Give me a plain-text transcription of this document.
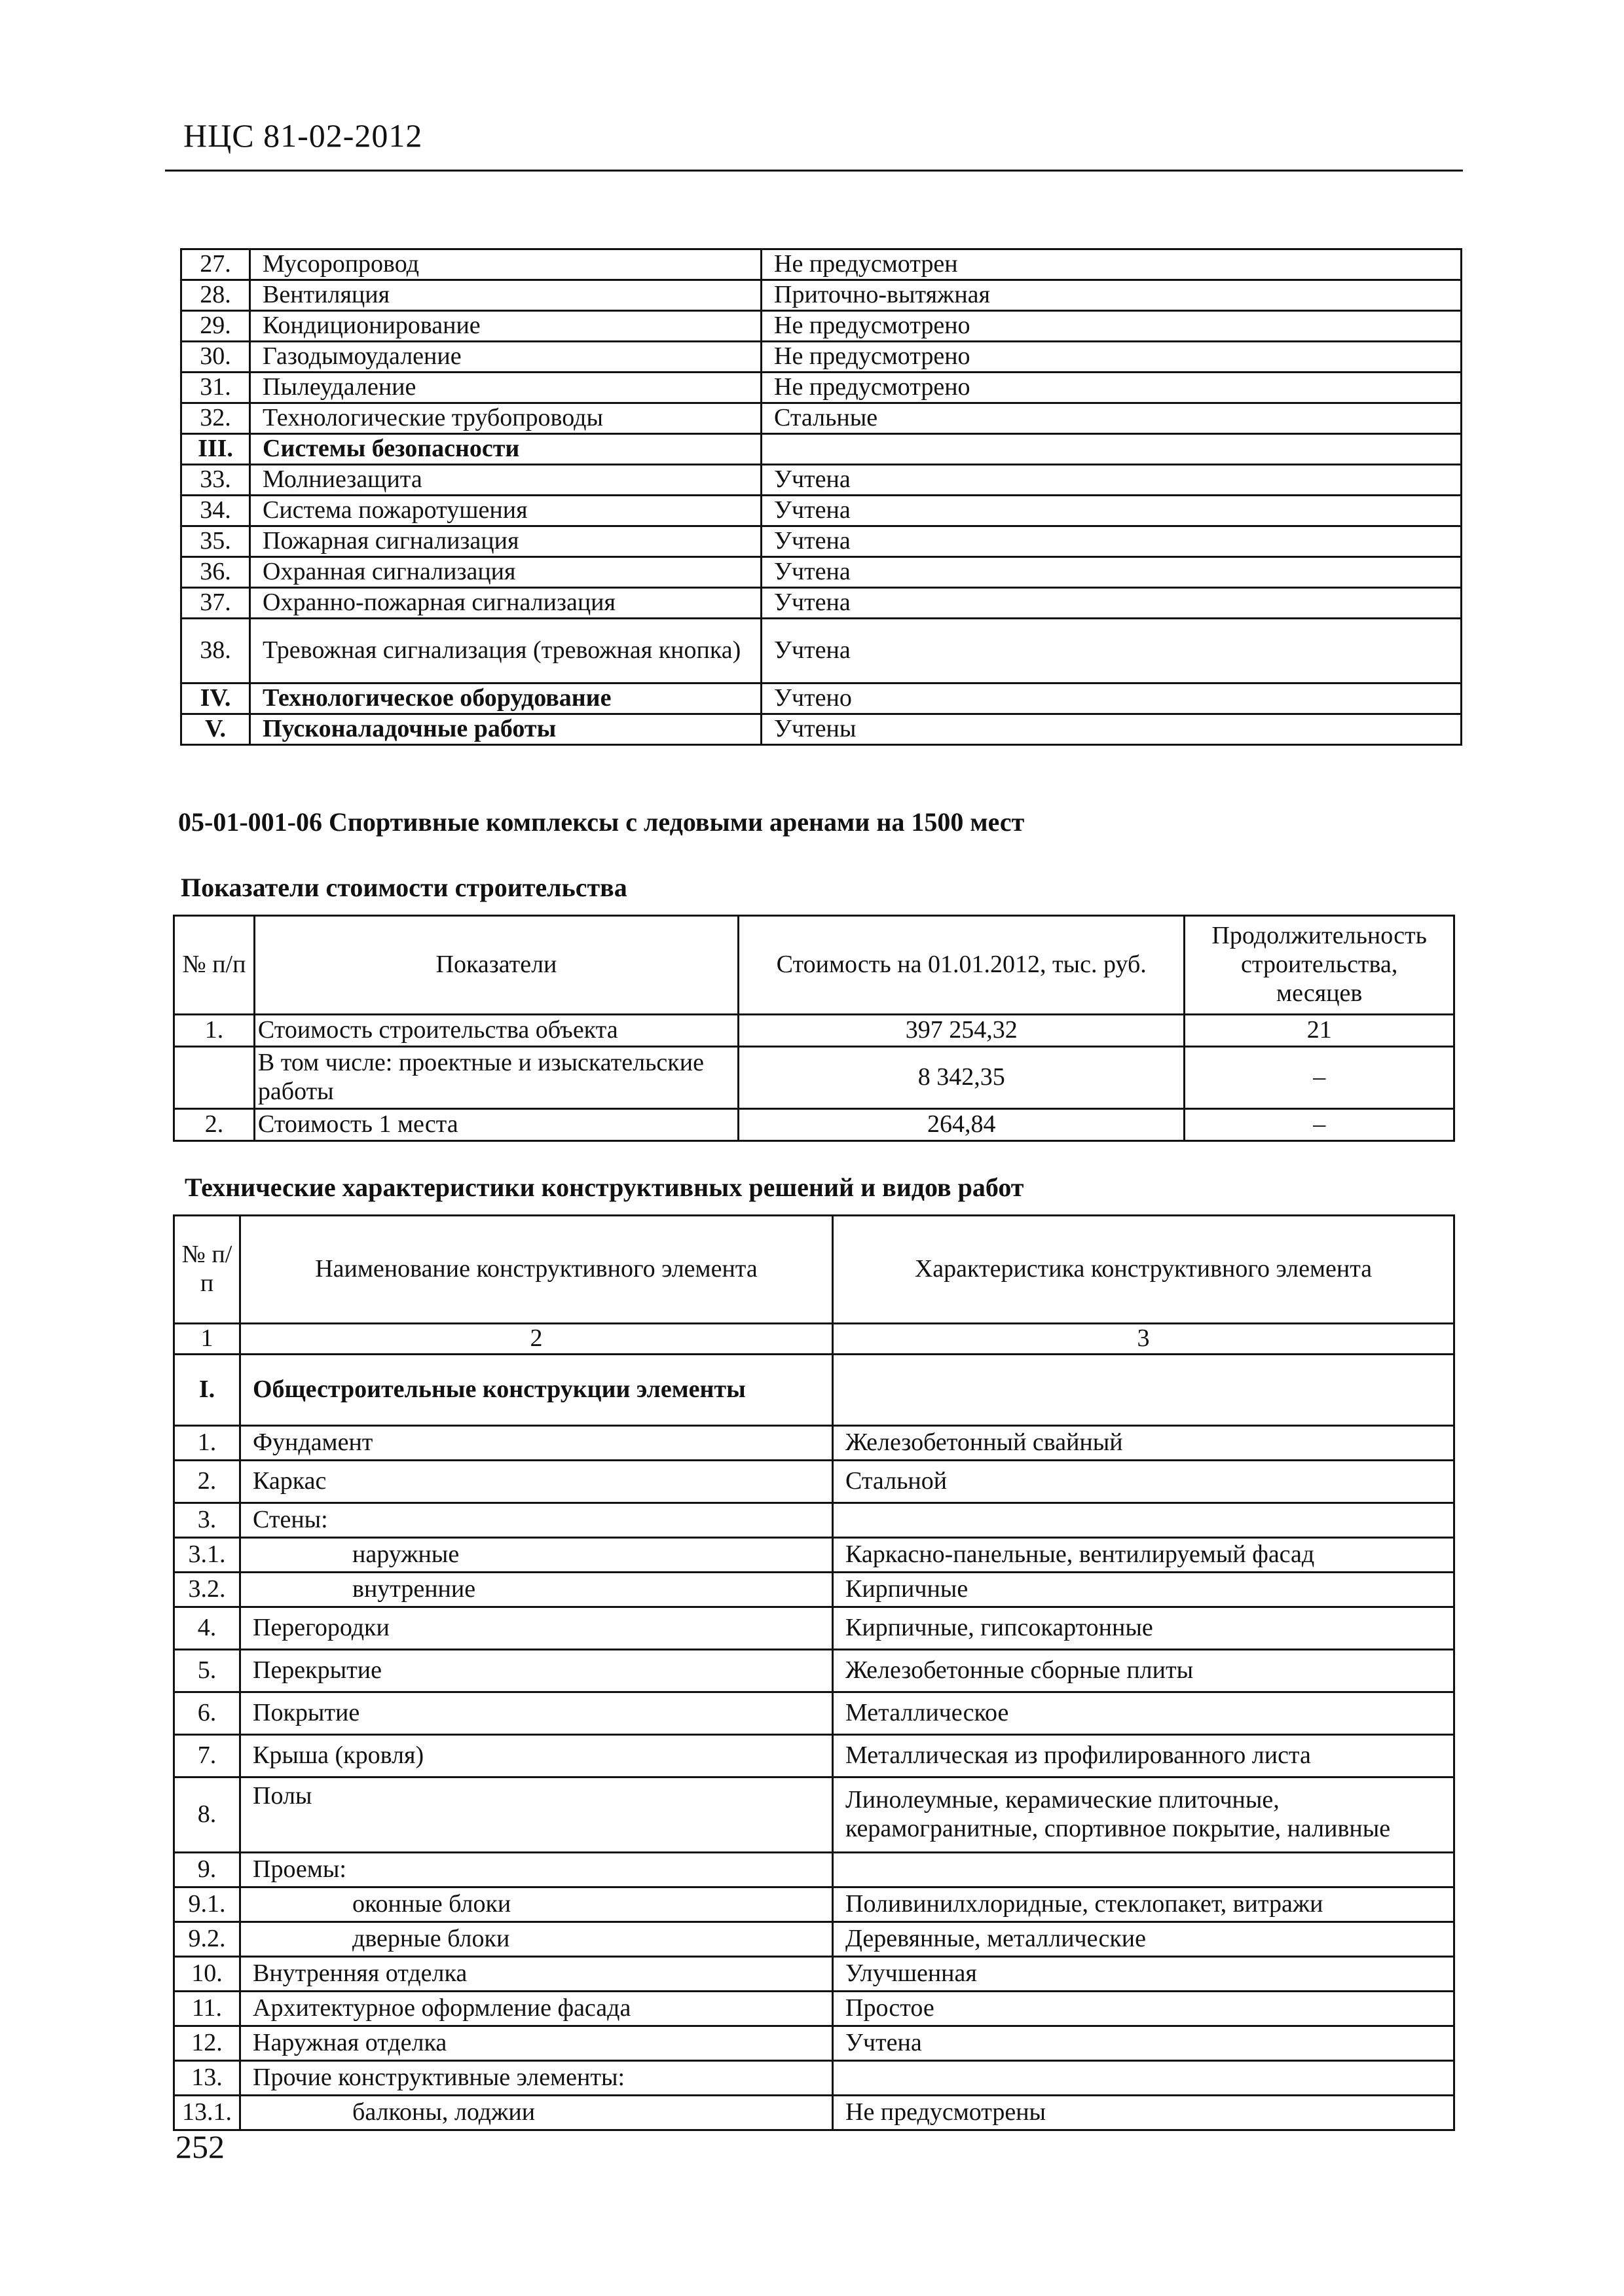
НЦС 81-02-2012
27.	Мусоропровод	Не предусмотрен
28.	Вентиляция	Приточно-вытяжная
29.	Кондиционирование	Не предусмотрено
30.	Газодымоудаление	Не предусмотрено
31.	Пылеудаление	Не предусмотрено
32.	Технологические трубопроводы	Стальные
III.	Системы безопасности	
33.	Молниезащита	Учтена
34.	Система пожаротушения	Учтена
35.	Пожарная сигнализация	Учтена
36.	Охранная сигнализация	Учтена
37.	Охранно-пожарная сигнализация	Учтена
38.	Тревожная сигнализация (тревожная кнопка)	Учтена
IV.	Технологическое оборудование	Учтено
V.	Пусконаладочные работы	Учтены
05-01-001-06 Спортивные комплексы с ледовыми аренами на 1500 мест
Показатели стоимости строительства
№ п/п	Показатели	Стоимость на 01.01.2012, тыс. руб.	Продолжительность строительства, месяцев
1.	Стоимость строительства объекта	397 254,32	21
	В том числе: проектные и изыскательские работы	8 342,35	–
2.	Стоимость 1 места	264,84	–
Технические характеристики конструктивных решений и видов работ
№ п/п	Наименование конструктивного элемента	Характеристика конструктивного элемента
1	2	3
I.	Общестроительные конструкции элементы	
1.	Фундамент	Железобетонный свайный
2.	Каркас	Стальной
3.	Стены:	
3.1.	наружные	Каркасно-панельные, вентилируемый фасад
3.2.	внутренние	Кирпичные
4.	Перегородки	Кирпичные, гипсокартонные
5.	Перекрытие	Железобетонные сборные плиты
6.	Покрытие	Металлическое
7.	Крыша (кровля)	Металлическая из профилированного листа
8.	Полы	Линолеумные, керамические плиточные, керамогранитные, спортивное покрытие, наливные
9.	Проемы:	
9.1.	оконные блоки	Поливинилхлоридные, стеклопакет, витражи
9.2.	дверные блоки	Деревянные, металлические
10.	Внутренняя отделка	Улучшенная
11.	Архитектурное оформление фасада	Простое
12.	Наружная отделка	Учтена
13.	Прочие конструктивные элементы:	
13.1.	балконы, лоджии	Не предусмотрены
252
